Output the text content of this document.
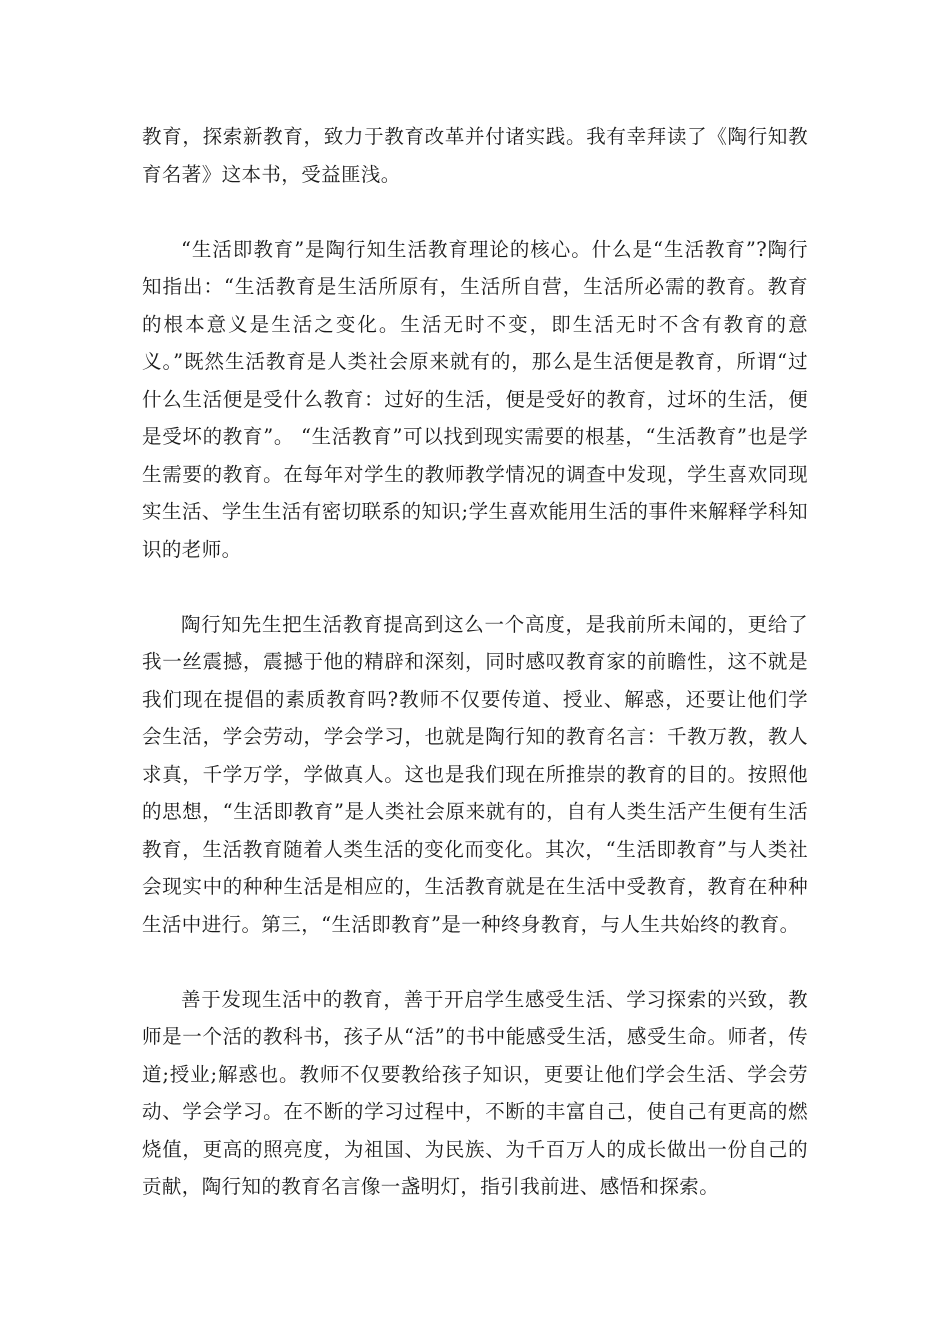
教育，探索新教育，致力于教育改革并付诸实践。我有幸拜读了《陶行知教育名著》这本书，受益匪浅。

“生活即教育”是陶行知生活教育理论的核心。什么是“生活教育”?陶行知指出：“生活教育是生活所原有，生活所自营，生活所必需的教育。教育的根本意义是生活之变化。生活无时不变，即生活无时不含有教育的意义。”既然生活教育是人类社会原来就有的，那么是生活便是教育，所谓“过什么生活便是受什么教育：过好的生活，便是受好的教育，过坏的生活，便是受坏的教育”。 “生活教育”可以找到现实需要的根基，“生活教育”也是学生需要的教育。在每年对学生的教师教学情况的调查中发现，学生喜欢同现实生活、学生生活有密切联系的知识;学生喜欢能用生活的事件来解释学科知识的老师。

陶行知先生把生活教育提高到这么一个高度，是我前所未闻的，更给了我一丝震撼，震撼于他的精辟和深刻，同时感叹教育家的前瞻性，这不就是我们现在提倡的素质教育吗?教师不仅要传道、授业、解惑，还要让他们学会生活，学会劳动，学会学习，也就是陶行知的教育名言：千教万教，教人求真，千学万学，学做真人。这也是我们现在所推崇的教育的目的。按照他的思想，“生活即教育”是人类社会原来就有的，自有人类生活产生便有生活教育，生活教育随着人类生活的变化而变化。其次，“生活即教育”与人类社会现实中的种种生活是相应的，生活教育就是在生活中受教育，教育在种种生活中进行。第三，“生活即教育”是一种终身教育，与人生共始终的教育。

善于发现生活中的教育，善于开启学生感受生活、学习探索的兴致，教师是一个活的教科书，孩子从“活”的书中能感受生活，感受生命。师者，传道;授业;解惑也。教师不仅要教给孩子知识，更要让他们学会生活、学会劳动、学会学习。在不断的学习过程中，不断的丰富自己，使自己有更高的燃烧值，更高的照亮度，为祖国、为民族、为千百万人的成长做出一份自己的贡献，陶行知的教育名言像一盏明灯，指引我前进、感悟和探索。
